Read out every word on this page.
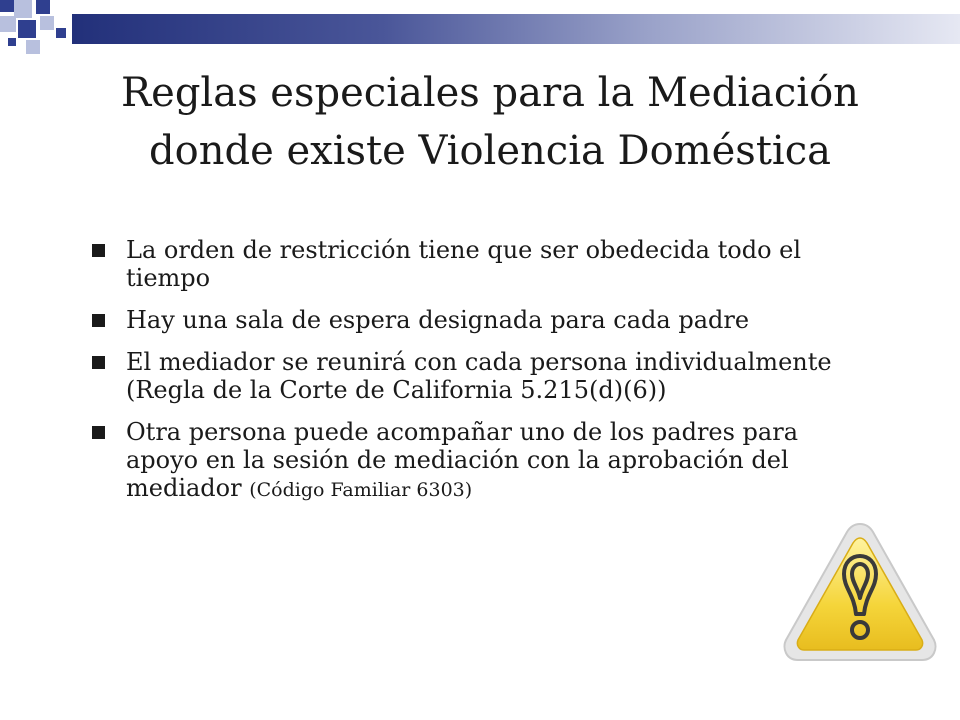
Reglas especiales para la Mediación
donde existe Violencia Doméstica
La orden de restricción tiene que ser obedecida todo el tiempo
Hay una sala de espera designada para cada padre
El mediador se reunirá con cada persona individualmente (Regla de la Corte de California 5.215(d)(6))
Otra persona puede acompañar uno de los padres para apoyo en la sesión de mediación con la aprobación del mediador (Código Familiar 6303)
